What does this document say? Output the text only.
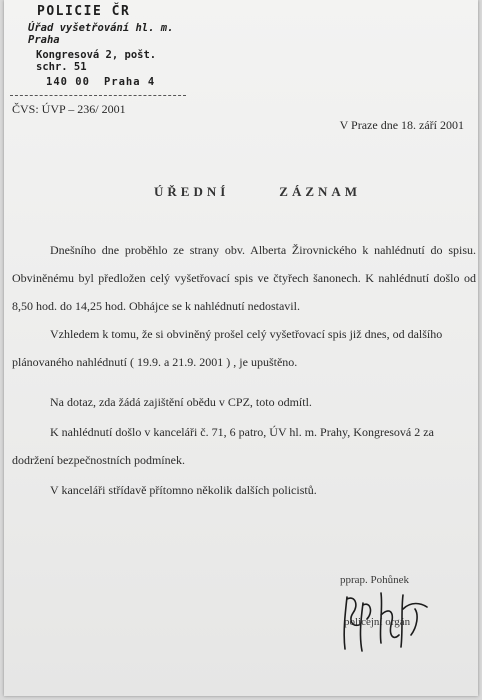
POLICIE ČR
Úřad vyšetřování hl. m. Praha
Kongresová 2, pošt. schr. 51
140 00 Praha 4
ČVS: ÚVP – 236/ 2001
V Praze dne 18. září 2001
ÚŘEDNÍ	ZÁZNAM

Dnešního dne proběhlo ze strany obv. Alberta Žirovnického k nahlédnutí do spisu. Obviněnému byl předložen celý vyšetřovací spis ve čtyřech šanonech. K nahlédnutí došlo od 8,50 hod. do 14,25 hod. Obhájce se k nahlédnutí nedostavil.

Vzhledem k tomu, že si obviněný prošel celý vyšetřovací spis již dnes, od dalšího plánovaného nahlédnutí ( 19.9. a 21.9. 2001 ) , je upuštěno.

Na dotaz, zda žádá zajištění obědu v CPZ, toto odmítl.

K nahlédnutí došlo v kanceláři č. 71, 6 patro, ÚV hl. m. Prahy, Kongresová 2 za dodržení bezpečnostních podmínek.

V kanceláři střídavě přítomno několik dalších policistů.

pprap. Pohůnek
policejní orgán
